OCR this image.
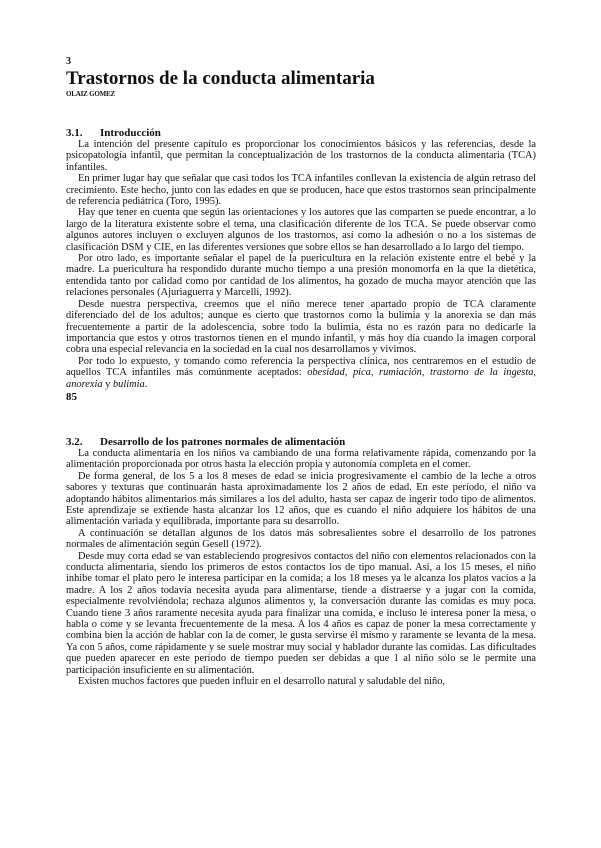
3

Trastornos de la conducta alimentaria

OLAIZ GOMEZ

3.1. Introducción

La intención del presente capítulo es proporcionar los conocimientos básicos y las referencias, desde la psicopatología infantil, que permitan la conceptualización de los trastornos de la conducta alimentaria (TCA) infantiles.

En primer lugar hay que señalar que casi todos los TCA infantiles conllevan la existencia de algún retraso del crecimiento. Este hecho, junto con las edades en que se producen, hace que estos trastornos sean principalmente de referencia pediátrica (Toro, 1995).

Hay que tener en cuenta que según las orientaciones y los autores que las comparten se puede encontrar, a lo largo de la literatura existente sobre el tema, una clasificación diferente de los TCA. Se puede observar como algunos autores incluyen o excluyen algunos de los trastornos, así como la adhesión o no a los sistemas de clasificación DSM y CIE, en las diferentes versiones que sobre ellos se han desarrollado a lo largo del tiempo.

Por otro lado, es importante señalar el papel de la puericultura en la relación existente entre el bebé y la madre. La puericultura ha respondido durante mucho tiempo a una presión monomorfa en la que la dietética, entendida tanto por calidad como por cantidad de los alimentos, ha gozado de mucha mayor atención que las relaciones personales (Ajuriaguerra y Marcelli, 1992).

Desde nuestra perspectiva, creemos que el niño merece tener apartado propio de TCA claramente diferenciado del de los adultos; aunque es cierto que trastornos como la bulimia y la anorexia se dan más frecuentemente a partir de la adolescencia, sobre todo la bulimia, ésta no es razón para no dedicarle la importancia que estos y otros trastornos tienen en el mundo infantil, y más hoy día cuando la imagen corporal cobra una especial relevancia en la sociedad en la cual nos desarrollamos y vivimos.

Por todo lo expuesto, y tomando como referencia la perspectiva clínica, nos centraremos en el estudio de aquellos TCA infantiles más comúnmente aceptados: obesidad, pica, rumiación, trastorno de la ingesta, anorexia y bulimia.

85

3.2. Desarrollo de los patrones normales de alimentación

La conducta alimentaria en los niños va cambiando de una forma relativamente rápida, comenzando por la alimentación proporcionada por otros hasta la elección propia y autonomía completa en el comer.

De forma general, de los 5 a los 8 meses de edad se inicia progresivamente el cambio de la leche a otros sabores y texturas que continuarán hasta aproximadamente los 2 años de edad. En este período, el niño va adoptando hábitos alimentarios más similares a los del adulto, hasta ser capaz de ingerir todo tipo de alimentos. Este aprendizaje se extiende hasta alcanzar los 12 años, que es cuando el niño adquiere los hábitos de una alimentación variada y equilibrada, importante para su desarrollo.

A continuación se detallan algunos de los datos más sobresalientes sobre el desarrollo de los patrones normales de alimentación según Gesell (1972).

Desde muy corta edad se van estableciendo progresivos contactos del niño con elementos relacionados con la conducta alimentaria, siendo los primeros de estos contactos los de tipo manual. Así, a los 15 meses, el niño inhibe tomar el plato pero le interesa participar en la comida; a los 18 meses ya le alcanza los platos vacíos a la madre. A los 2 años todavía necesita ayuda para alimentarse, tiende a distraerse y a jugar con la comida, especialmente revolviéndola; rechaza algunos alimentos y, la conversación durante las comidas es muy poca. Cuando tiene 3 años raramente necesita ayuda para finalizar una comida, e incluso le interesa poner la mesa, o habla o come y se levanta frecuentemente de la mesa. A los 4 años es capaz de poner la mesa correctamente y combina bien la acción de hablar con la de comer, le gusta servirse él mismo y raramente se levanta de la mesa. Ya con 5 años, come rápidamente y se suele mostrar muy social y hablador durante las comidas. Las dificultades que pueden aparecer en este período de tiempo pueden ser debidas a que 1 al niño sólo se le permite una participación insuficiente en su alimentación.

Existen muchos factores que pueden influir en el desarrollo natural y saludable del niño,
